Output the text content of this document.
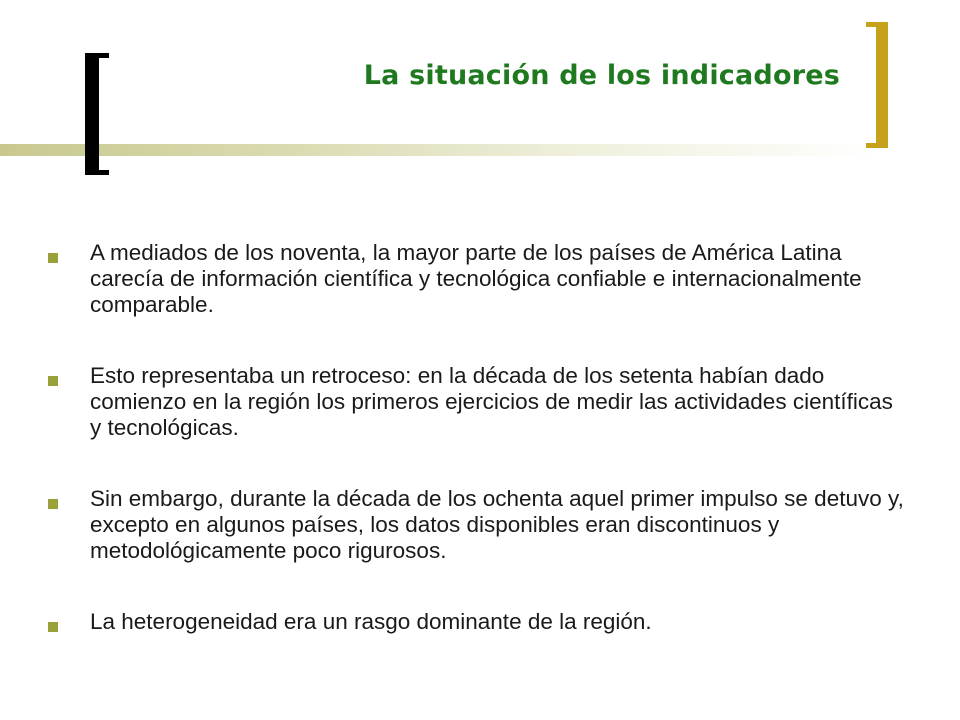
La situación de los indicadores
A mediados de los noventa, la mayor parte de los países de América Latina carecía de información científica y tecnológica confiable e internacionalmente comparable.
Esto representaba un retroceso: en la década de los setenta habían dado comienzo en la región los primeros ejercicios de medir las actividades científicas y tecnológicas.
Sin embargo, durante la década de los ochenta aquel primer impulso se detuvo y, excepto en algunos países, los datos disponibles eran discontinuos y metodológicamente poco rigurosos.
La heterogeneidad era un rasgo dominante de la región.
